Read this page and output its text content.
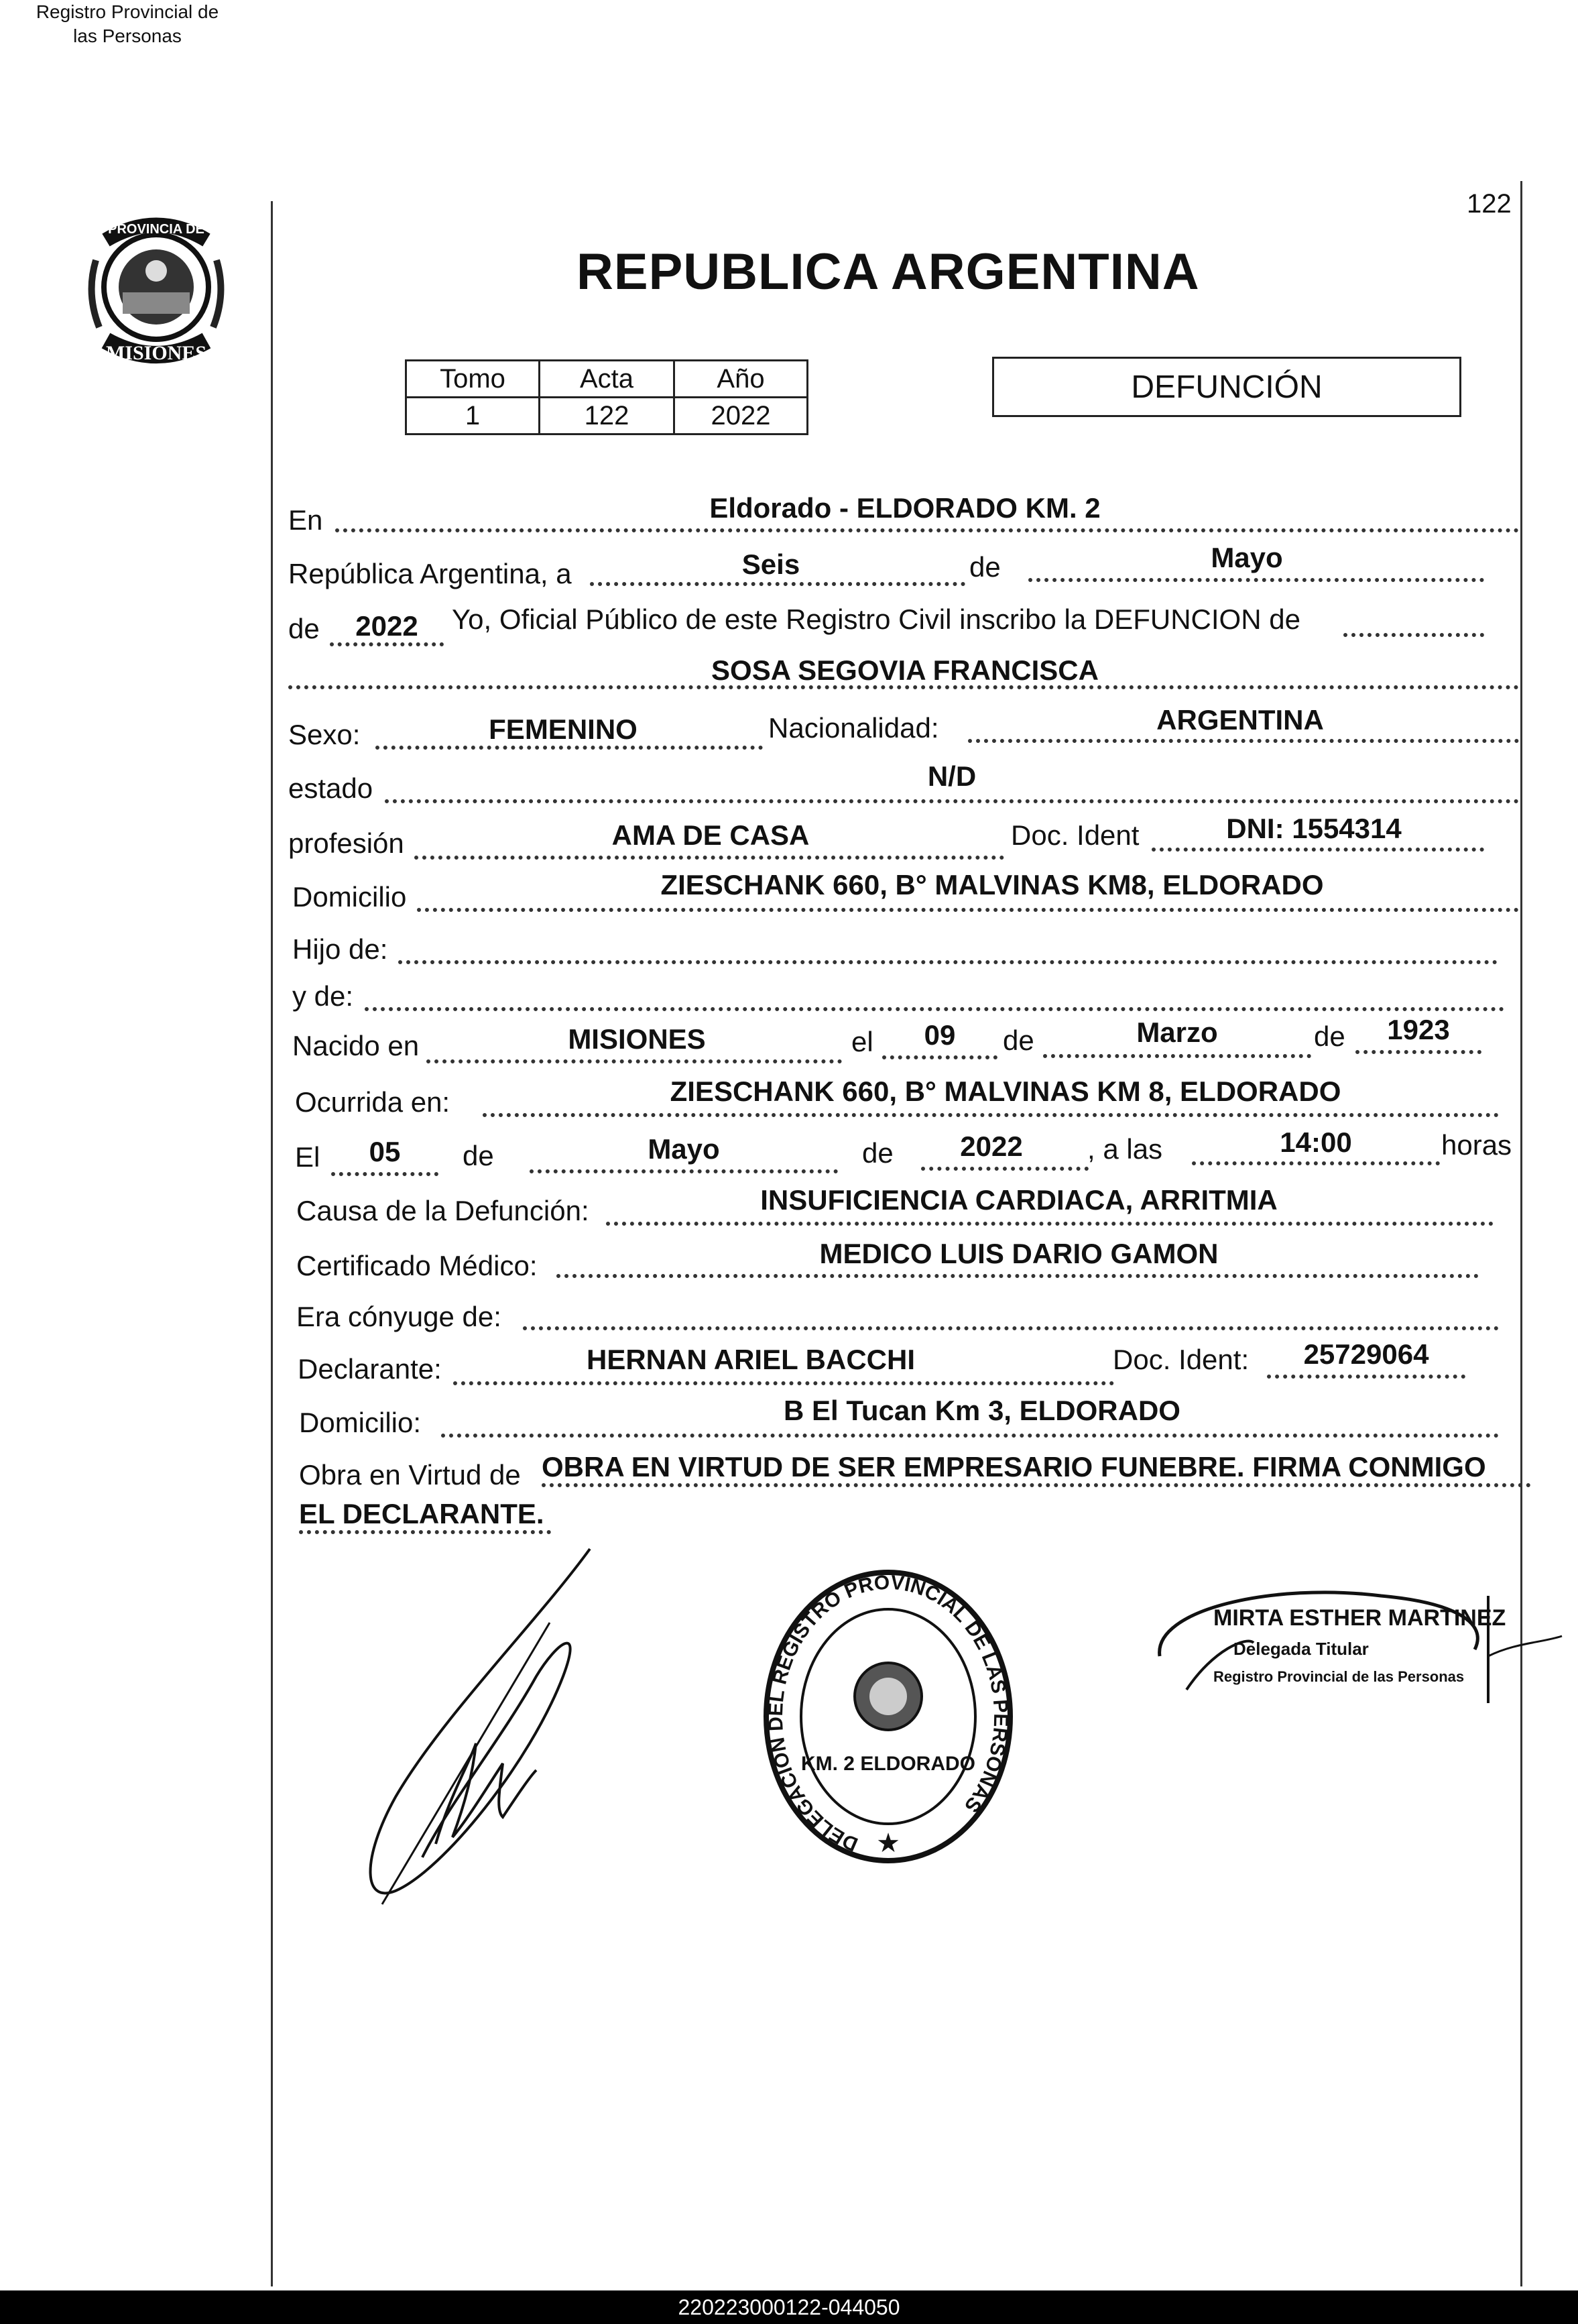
122
PROVINCIA DE
MISIONES
Registro Provincial de
las Personas
REPUBLICA ARGENTINA
Tomo	Acta	Año
1	122	2022
DEFUNCIÓN
En	Eldorado - ELDORADO KM. 2
República Argentina, a	Seis	de	Mayo
de	2022	Yo, Oficial Público de este Registro Civil inscribo la DEFUNCION de
SOSA SEGOVIA FRANCISCA
Sexo:	FEMENINO	Nacionalidad:	ARGENTINA
estado	N/D
profesión	AMA DE CASA	Doc. Ident	DNI: 1554314
Domicilio	ZIESCHANK 660, B° MALVINAS KM8, ELDORADO
Hijo de:
y de:
Nacido en	MISIONES	el	09	de	Marzo	de	1923
Ocurrida en:	ZIESCHANK 660, B° MALVINAS KM 8, ELDORADO
El	05	de	Mayo	de	2022	, a las	14:00	horas
Causa de la Defunción:	INSUFICIENCIA CARDIACA, ARRITMIA
Certificado Médico:	MEDICO LUIS DARIO GAMON
Era cónyuge de:
Declarante:	HERNAN ARIEL BACCHI	Doc. Ident:	25729064
Domicilio:	B El Tucan Km 3, ELDORADO
Obra en Virtud de OBRA EN VIRTUD DE SER EMPRESARIO FUNEBRE. FIRMA CONMIGO
EL DECLARANTE.
DELEGACION DEL REGISTRO PROVINCIAL DE LAS PERSONAS
KM. 2 ELDORADO
★
MIRTA ESTHER MARTINEZ
Delegada Titular
Registro Provincial de las Personas
220223000122-044050
